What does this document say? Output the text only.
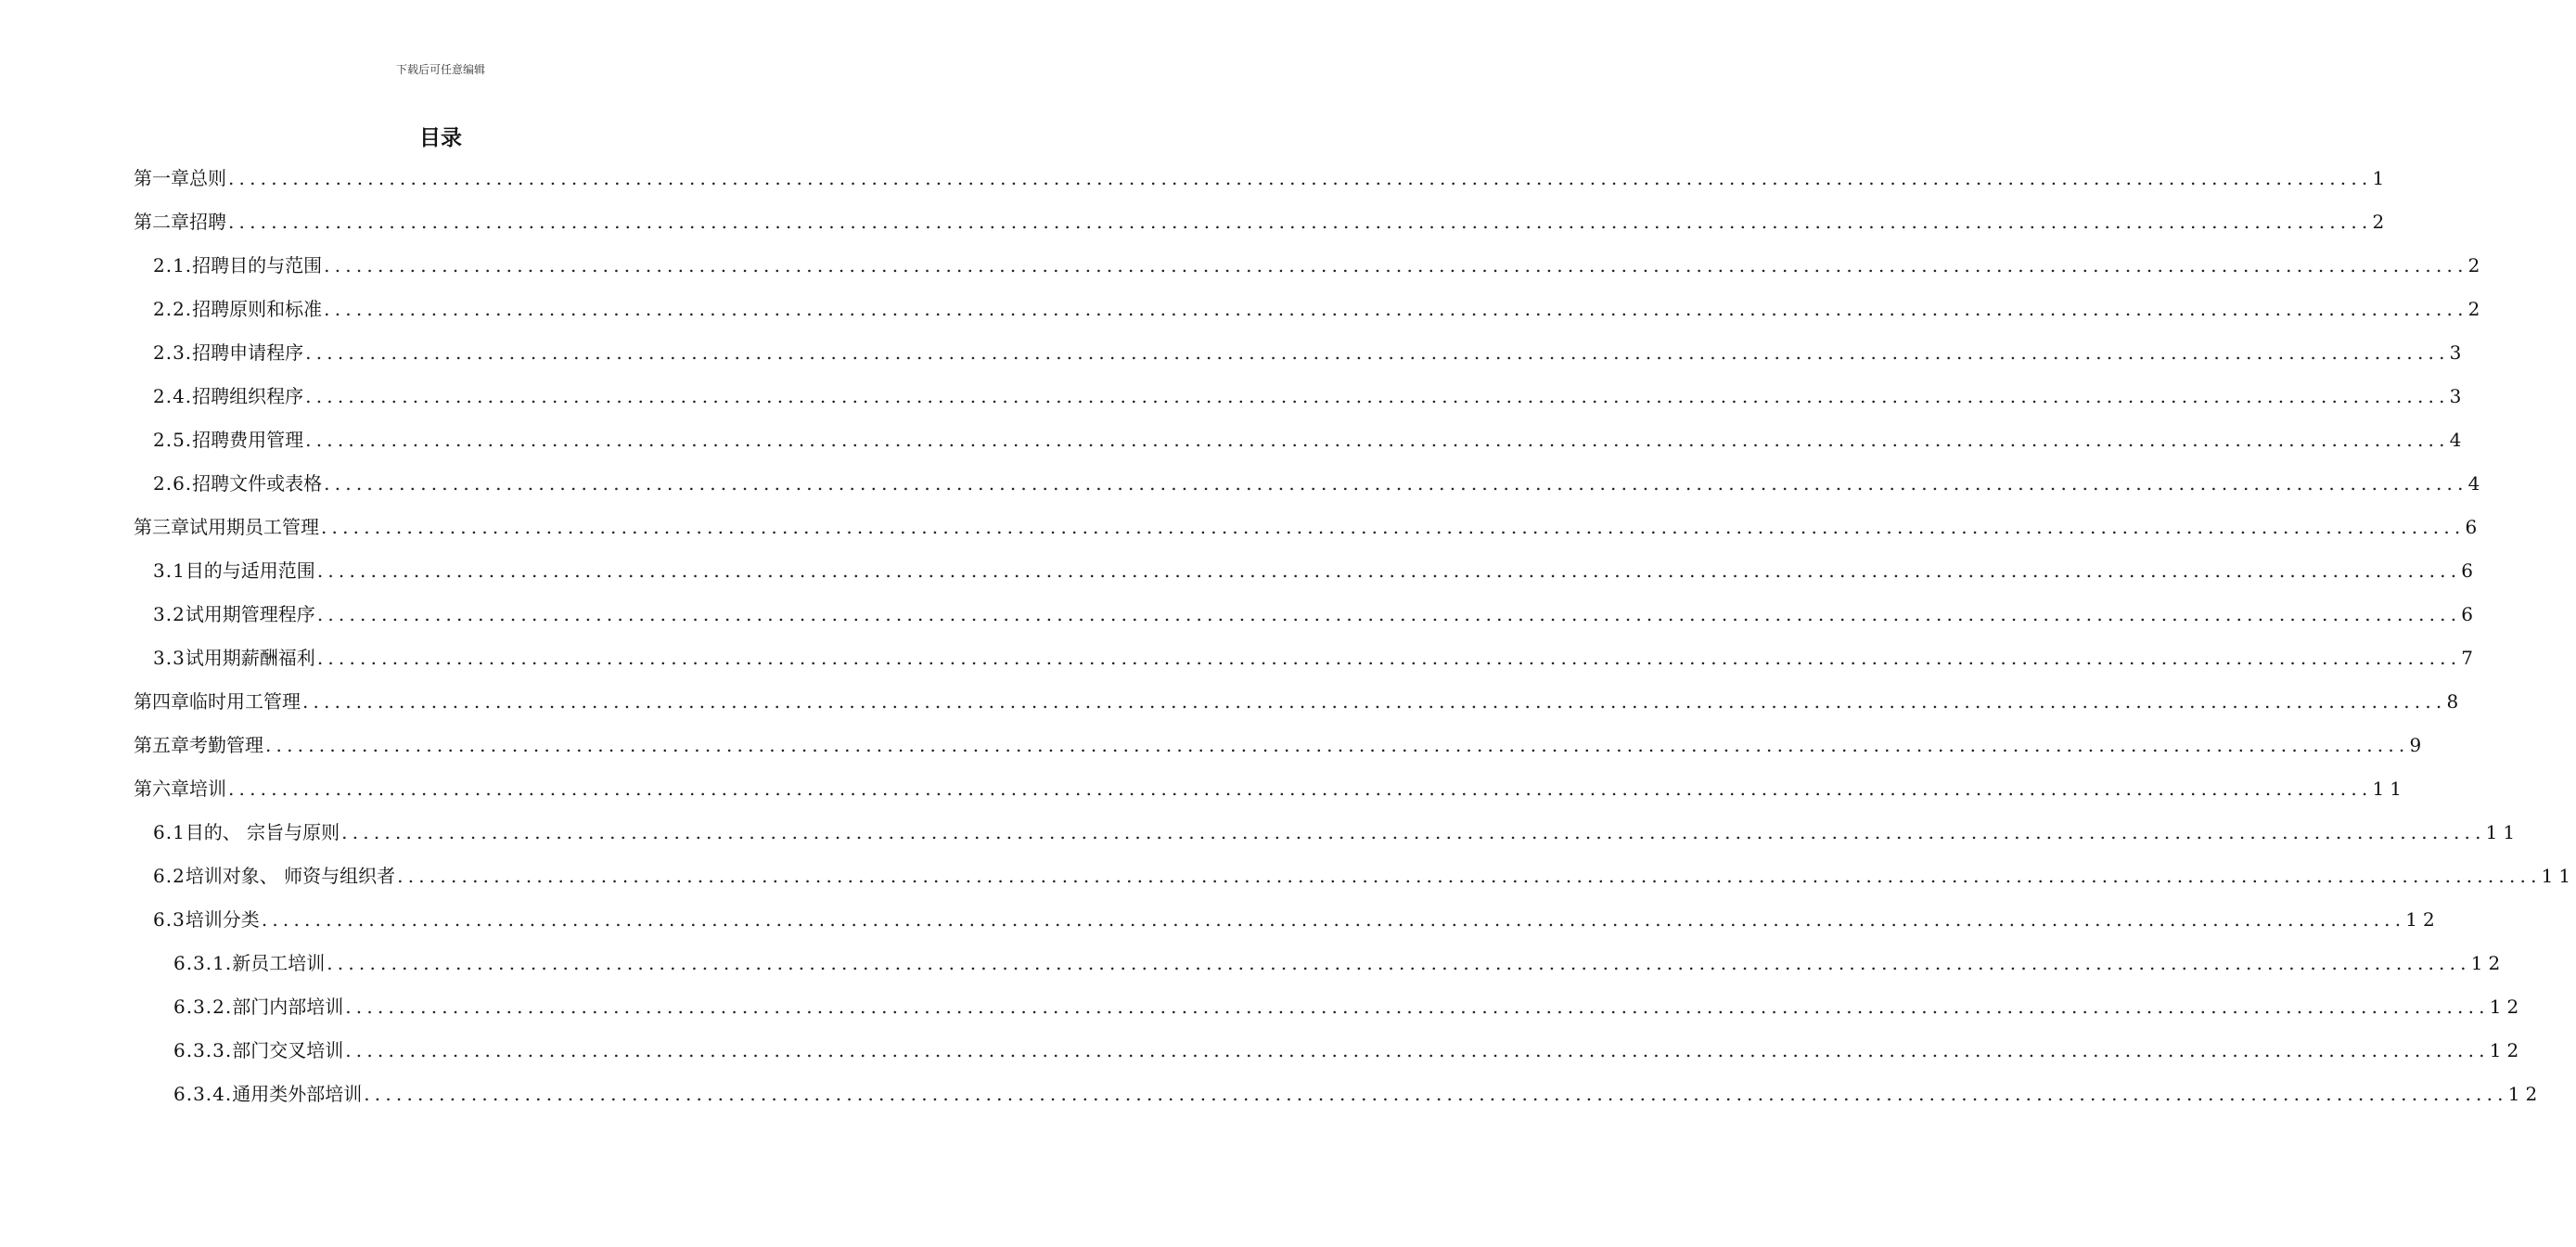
下载后可任意编辑
目录
第一章 总则 ........................................................................................................................................................................................................ 1
第二章 招聘 ........................................................................................................................................................................................................ 2
2.1. 招聘目的与范围 ........................................................................................................................................................................................................ 2
2.2. 招聘原则和标准 ........................................................................................................................................................................................................ 2
2.3. 招聘申请程序 ........................................................................................................................................................................................................ 3
2.4. 招聘组织程序 ........................................................................................................................................................................................................ 3
2.5. 招聘费用管理 ........................................................................................................................................................................................................ 4
2.6. 招聘文件或表格 ........................................................................................................................................................................................................ 4
第三章 试用期员工管理 ........................................................................................................................................................................................................ 6
3.1 目的与适用范围 ........................................................................................................................................................................................................ 6
3.2 试用期管理程序 ........................................................................................................................................................................................................ 6
3.3 试用期薪酬福利 ........................................................................................................................................................................................................ 7
第四章 临时用工管理 ........................................................................................................................................................................................................ 8
第五章 考勤管理 ........................................................................................................................................................................................................ 9
第六章 培训 ........................................................................................................................................................................................................ 11
6.1 目的、 宗旨与原则 ........................................................................................................................................................................................................ 11
6.2 培训对象、 师资与组织者 ........................................................................................................................................................................................................ 11
6.3 培训分类 ........................................................................................................................................................................................................ 12
6.3.1. 新员工培训 ........................................................................................................................................................................................................ 12
6.3.2. 部门内部培训 ........................................................................................................................................................................................................ 12
6.3.3. 部门交叉培训 ........................................................................................................................................................................................................ 12
6.3.4. 通用类外部培训 ........................................................................................................................................................................................................ 12
